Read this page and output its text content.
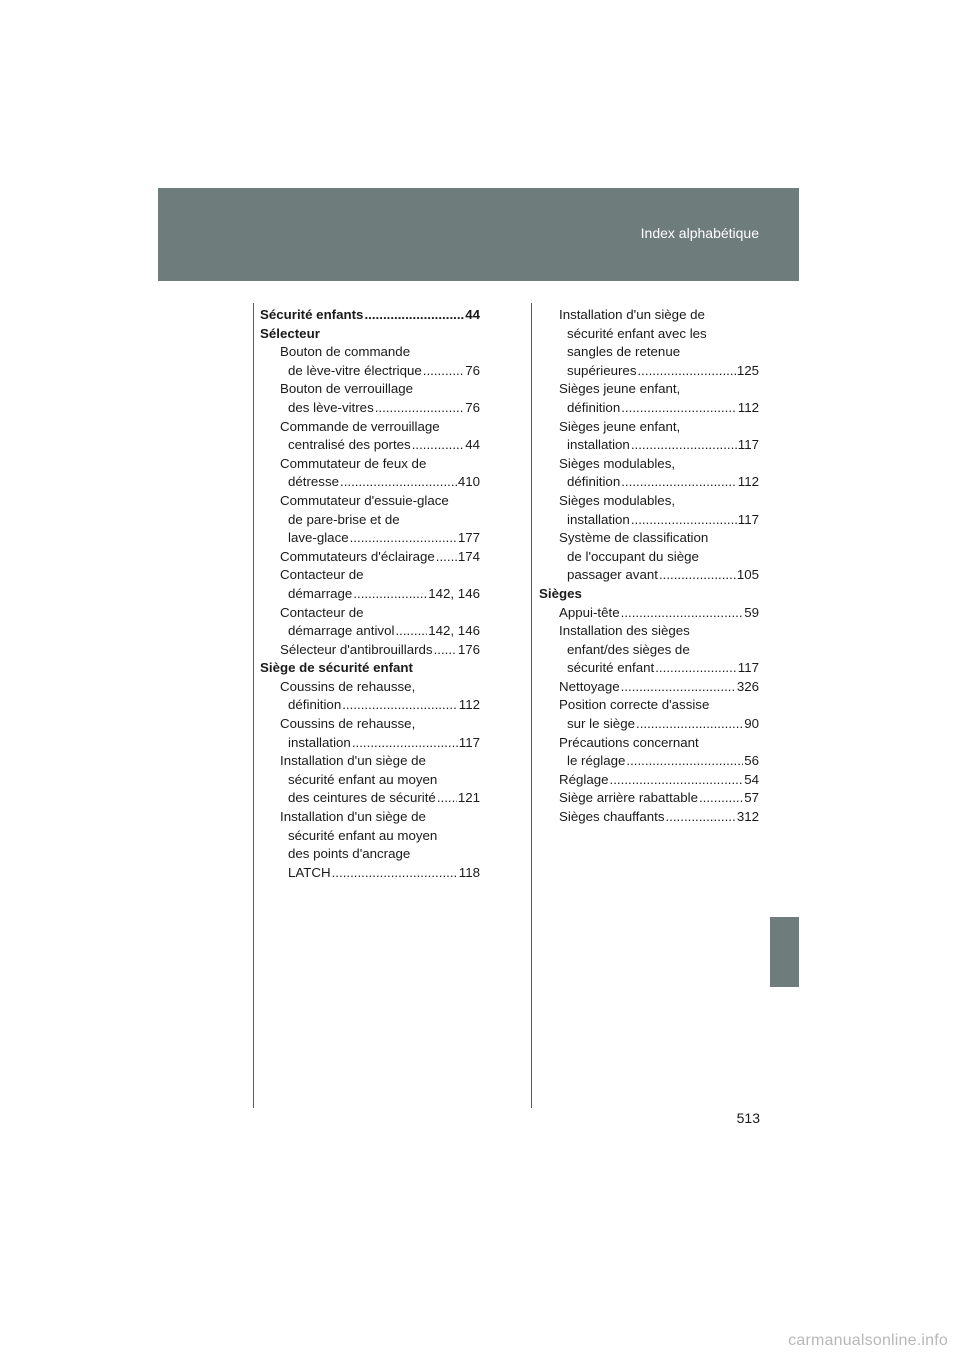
Index alphabétique
Sécurité enfants .....	44
Sélecteur
Bouton de commande
de lève-vitre électrique .....	76
Bouton de verrouillage
des lève-vitres .....	76
Commande de verrouillage
centralisé des portes .....	44
Commutateur de feux de
détresse .....	410
Commutateur d'essuie-glace
de pare-brise et de
lave-glace .....	177
Commutateurs d'éclairage ..... 174
Contacteur de
démarrage .....	142, 146
Contacteur de
démarrage antivol .....	142, 146
Sélecteur d'antibrouillards ..... 176
Siège de sécurité enfant
Coussins de rehausse,
définition .....	112
Coussins de rehausse,
installation .....	117
Installation d'un siège de
sécurité enfant au moyen
des ceintures de sécurité ..... 121
Installation d'un siège de
sécurité enfant au moyen
des points d'ancrage
LATCH .....	118
Installation d'un siège de
sécurité enfant avec les
sangles de retenue
supérieures .....	125
Sièges jeune enfant,
définition .....	112
Sièges jeune enfant,
installation .....	117
Sièges modulables,
définition .....	112
Sièges modulables,
installation .....	117
Système de classification
de l'occupant du siège
passager avant .....	105
Sièges
Appui-tête .....	59
Installation des sièges
enfant/des sièges de
sécurité enfant .....	117
Nettoyage .....	326
Position correcte d'assise
sur le siège .....	90
Précautions concernant
le réglage .....	56
Réglage .....	54
Siège arrière rabattable .....	57
Sièges chauffants .....	312
513
carmanualsonline.info
